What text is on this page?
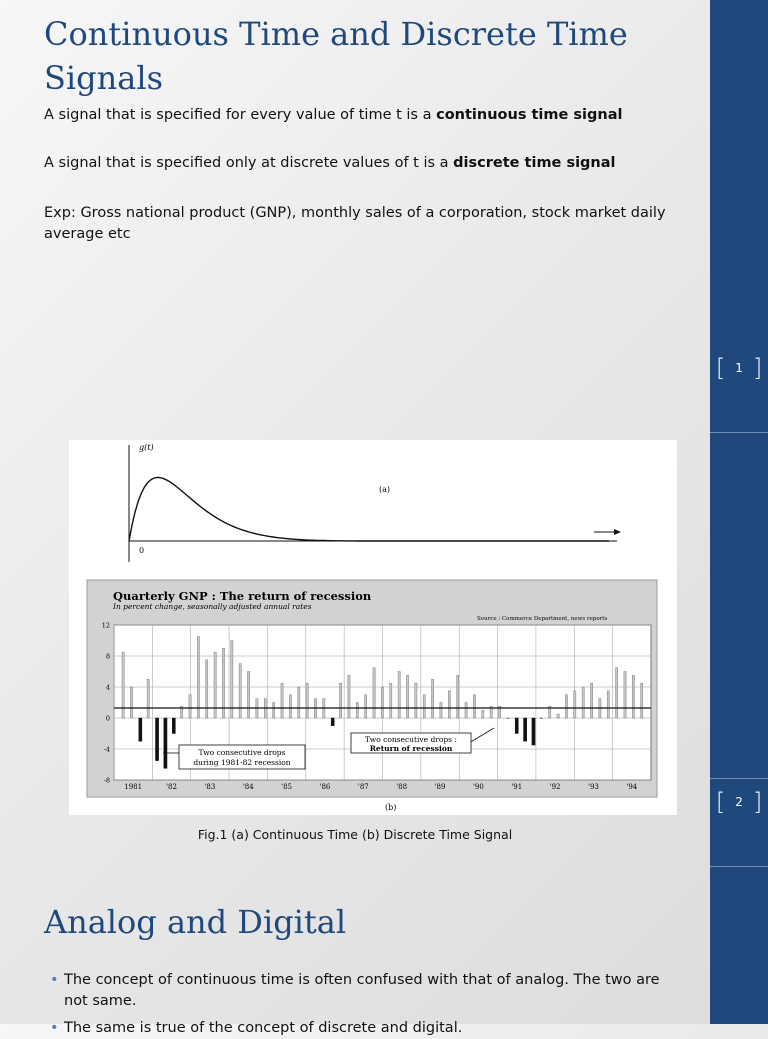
[ 1 ]
[ 2 ]
Continuous Time and Discrete Time
Signals

A signal that is specified for every value of time t is a continuous time signal

A signal that is specified only at discrete values of t is a discrete time signal

Exp: Gross national product (GNP), monthly sales of a corporation, stock market daily
average etc

g(t)
0
(a)
Quarterly GNP : The return of recession
In percent change, seasonally adjusted annual rates
Source : Commerce Department, news reports
12
8
4
0
-4
-8
1981	'82	'83	'84	'85	'86	'87	'88	'89	'90	'91	'92	'93	'94
Two consecutive drops
during 1981-82 recession
Two consecutive drops :
Return of recession
(b)
Fig.1 (a) Continuous Time (b) Discrete Time Signal
Analog and Digital
• The concept of continuous time is often confused with that of analog. The two are
not same.
• The same is true of the concept of discrete and digital.
